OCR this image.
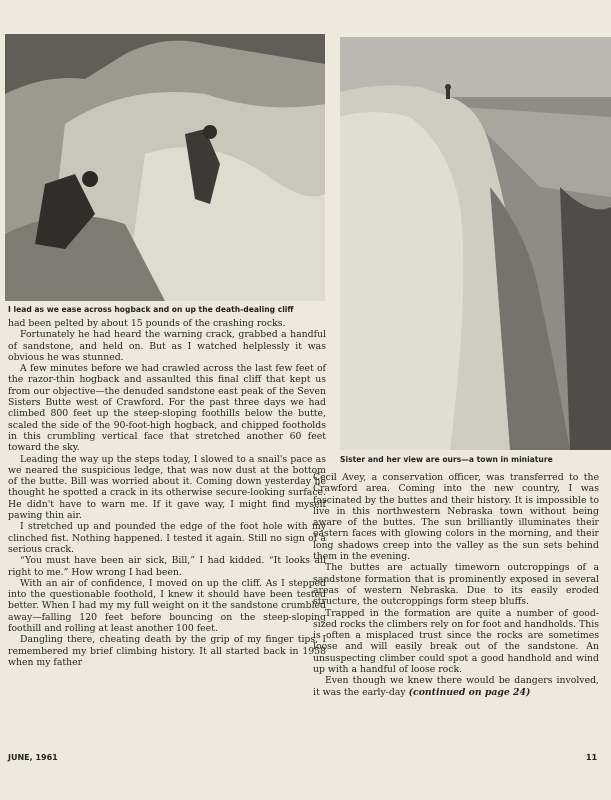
I lead as we ease across hogback and on up the death-dealing cliff
Sister and her view are ours—a town in miniature

had been pelted by about 15 pounds of the crashing rocks.

Fortunately he had heard the warning crack, grabbed a handful of sandstone, and held on. But as I watched helplessly it was obvious he was stunned.

A few minutes before we had crawled across the last few feet of the razor-thin hogback and assaulted this final cliff that kept us from our objective—the denuded sandstone east peak of the Seven Sisters Butte west of Crawford. For the past three days we had climbed 800 feet up the steep-sloping foothills below the butte, scaled the side of the 90-foot-high hogback, and chipped footholds in this crumbling vertical face that stretched another 60 feet toward the sky.

Leading the way up the steps today, I slowed to a snail's pace as we neared the suspicious ledge, that was now dust at the bottom of the butte. Bill was worried about it. Coming down yesterday he thought he spotted a crack in its otherwise secure-looking surface. He didn't have to warn me. If it gave way, I might find myself pawing thin air.

I stretched up and pounded the edge of the foot hole with my clinched fist. Nothing happened. I tested it again. Still no sign of a serious crack.

“You must have been air sick, Bill,” I had kidded. “It looks all right to me.” How wrong I had been.

With an air of confidence, I moved on up the cliff. As I stepped into the questionable foothold, I knew it should have been tested better. When I had my my full weight on it the sandstone crumbled away—falling 120 feet before bouncing on the steep-sloping foothill and rolling at least another 100 feet.

Dangling there, cheating death by the grip of my finger tips, I remembered my brief climbing history. It all started back in 1958 when my father

Cecil Avey, a conservation officer, was transferred to the Crawford area. Coming into the new country, I was fascinated by the buttes and their history. It is impossible to live in this northwestern Nebraska town without being aware of the buttes. The sun brilliantly illuminates their eastern faces with glowing colors in the morning, and their long shadows creep into the valley as the sun sets behind them in the evening.

The buttes are actually timeworn outcroppings of a sandstone formation that is prominently exposed in several areas of western Nebraska. Due to its easily eroded structure, the outcroppings form steep bluffs.

Trapped in the formation are quite a number of good-sized rocks the climbers rely on for foot and handholds. This is often a misplaced trust since the rocks are sometimes loose and will easily break out of the sandstone. An unsuspecting climber could spot a good handhold and wind up with a handful of loose rock.

Even though we knew there would be dangers involved, it was the early-day (continued on page 24)

JUNE, 1961	11
